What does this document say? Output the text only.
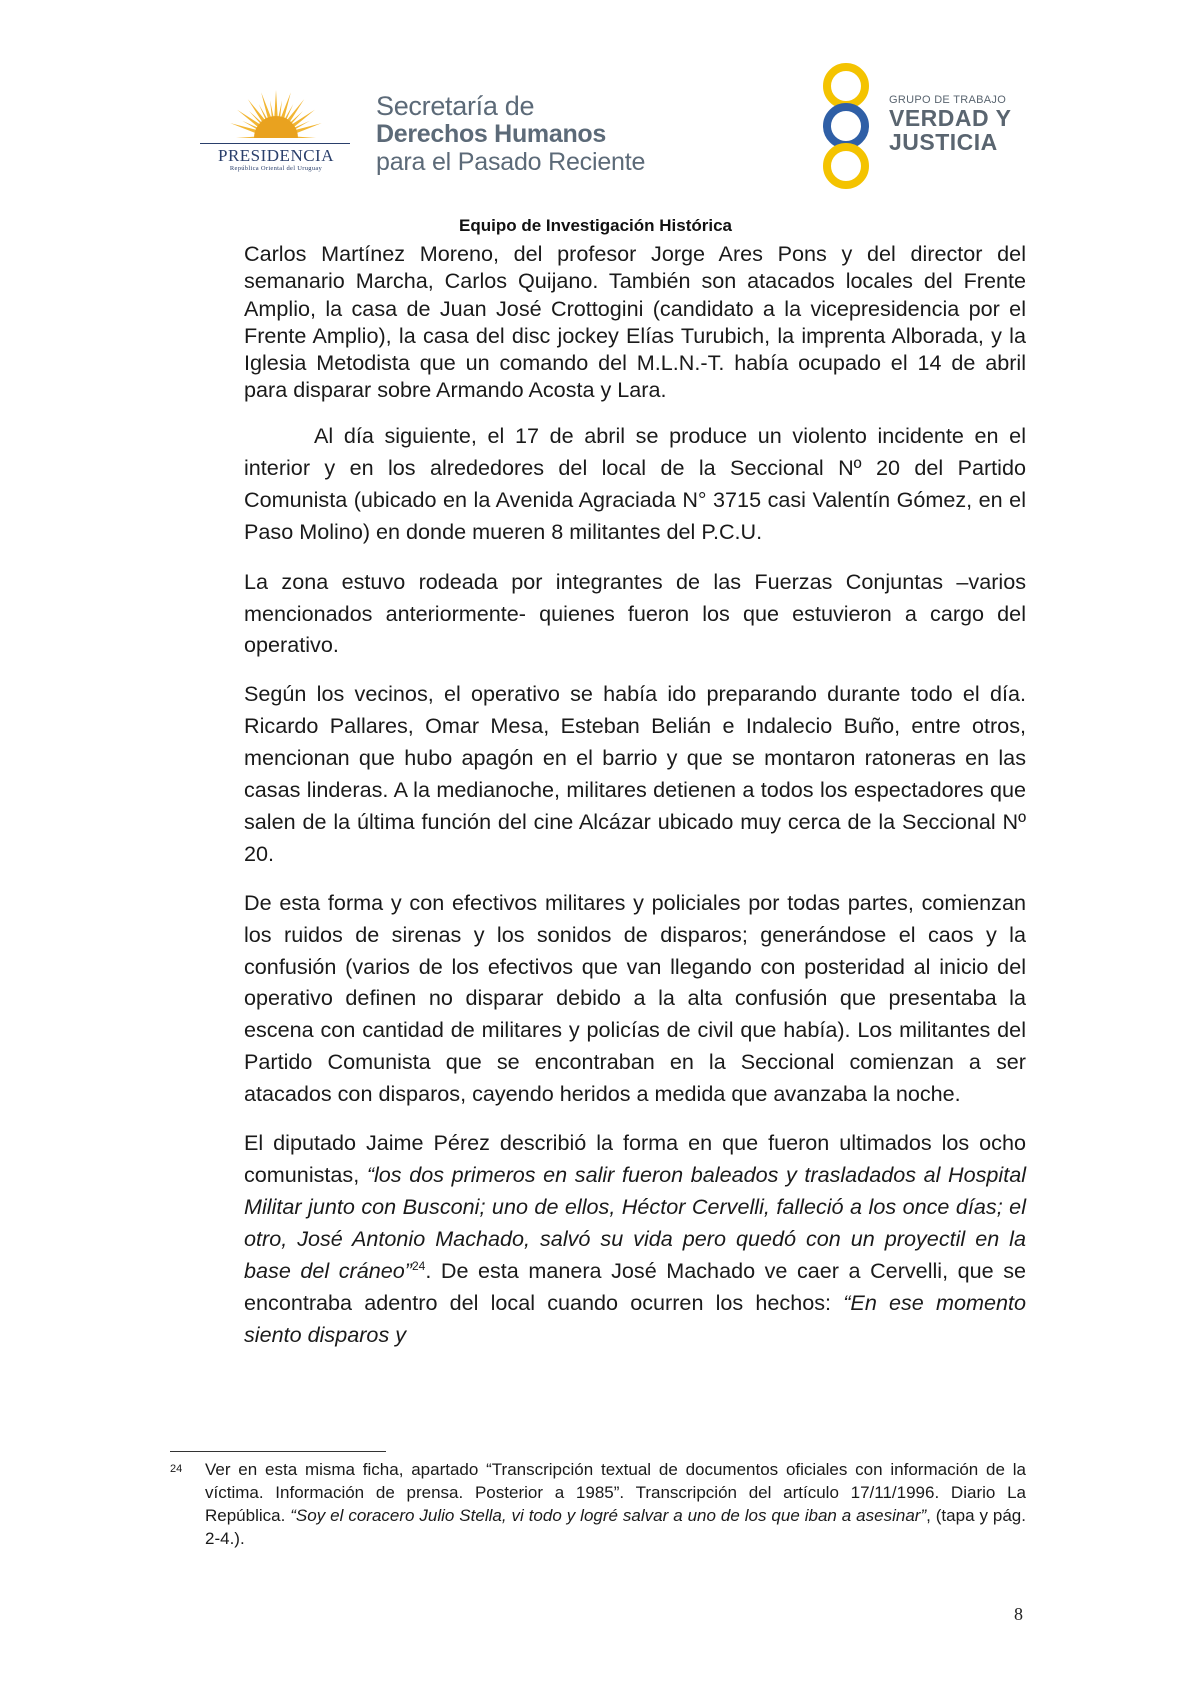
PRESIDENCIA
República Oriental del Uruguay
Secretaría de
Derechos Humanos
para el Pasado Reciente
GRUPO DE TRABAJO
VERDAD Y
JUSTICIA
Equipo de Investigación Histórica

Carlos Martínez Moreno, del profesor Jorge Ares Pons y del director del semanario Marcha, Carlos Quijano. También son atacados locales del Frente Amplio, la casa de Juan José Crottogini (candidato a la vicepresidencia por el Frente Amplio), la casa del disc jockey Elías Turubich, la imprenta Alborada, y la Iglesia Metodista que un comando del M.L.N.-T. había ocupado el 14 de abril para disparar sobre Armando Acosta y Lara.

Al día siguiente, el 17 de abril se produce un violento incidente en el interior y en los alrededores del local de la Seccional Nº 20 del Partido Comunista (ubicado en la Avenida Agraciada N° 3715 casi Valentín Gómez, en el Paso Molino) en donde mueren 8 militantes del P.C.U.

La zona estuvo rodeada por integrantes de las Fuerzas Conjuntas –varios mencionados anteriormente- quienes fueron los que estuvieron a cargo del operativo.

Según los vecinos, el operativo se había ido preparando durante todo el día. Ricardo Pallares, Omar Mesa, Esteban Belián e Indalecio Buño, entre otros, mencionan que hubo apagón en el barrio y que se montaron ratoneras en las casas linderas. A la medianoche, militares detienen a todos los espectadores que salen de la última función del cine Alcázar ubicado muy cerca de la Seccional Nº 20.

De esta forma y con efectivos militares y policiales por todas partes, comienzan los ruidos de sirenas y los sonidos de disparos; generándose el caos y la confusión (varios de los efectivos que van llegando con posteridad al inicio del operativo definen no disparar debido a la alta confusión que presentaba la escena con cantidad de militares y policías de civil que había). Los militantes del Partido Comunista que se encontraban en la Seccional comienzan a ser atacados con disparos, cayendo heridos a medida que avanzaba la noche.

El diputado Jaime Pérez describió la forma en que fueron ultimados los ocho comunistas, “los dos primeros en salir fueron baleados y trasladados al Hospital Militar junto con Busconi; uno de ellos, Héctor Cervelli, falleció a los once días; el otro, José Antonio Machado, salvó su vida pero quedó con un proyectil en la base del cráneo”$^{24}$. De esta manera José Machado ve caer a Cervelli, que se encontraba adentro del local cuando ocurren los hechos: “En ese momento siento disparos y

24 Ver en esta misma ficha, apartado “Transcripción textual de documentos oficiales con información de la víctima. Información de prensa. Posterior a 1985”. Transcripción del artículo 17/11/1996. Diario La República. “Soy el coracero Julio Stella, vi todo y logré salvar a uno de los que iban a asesinar”, (tapa y pág. 2-4.).
8
